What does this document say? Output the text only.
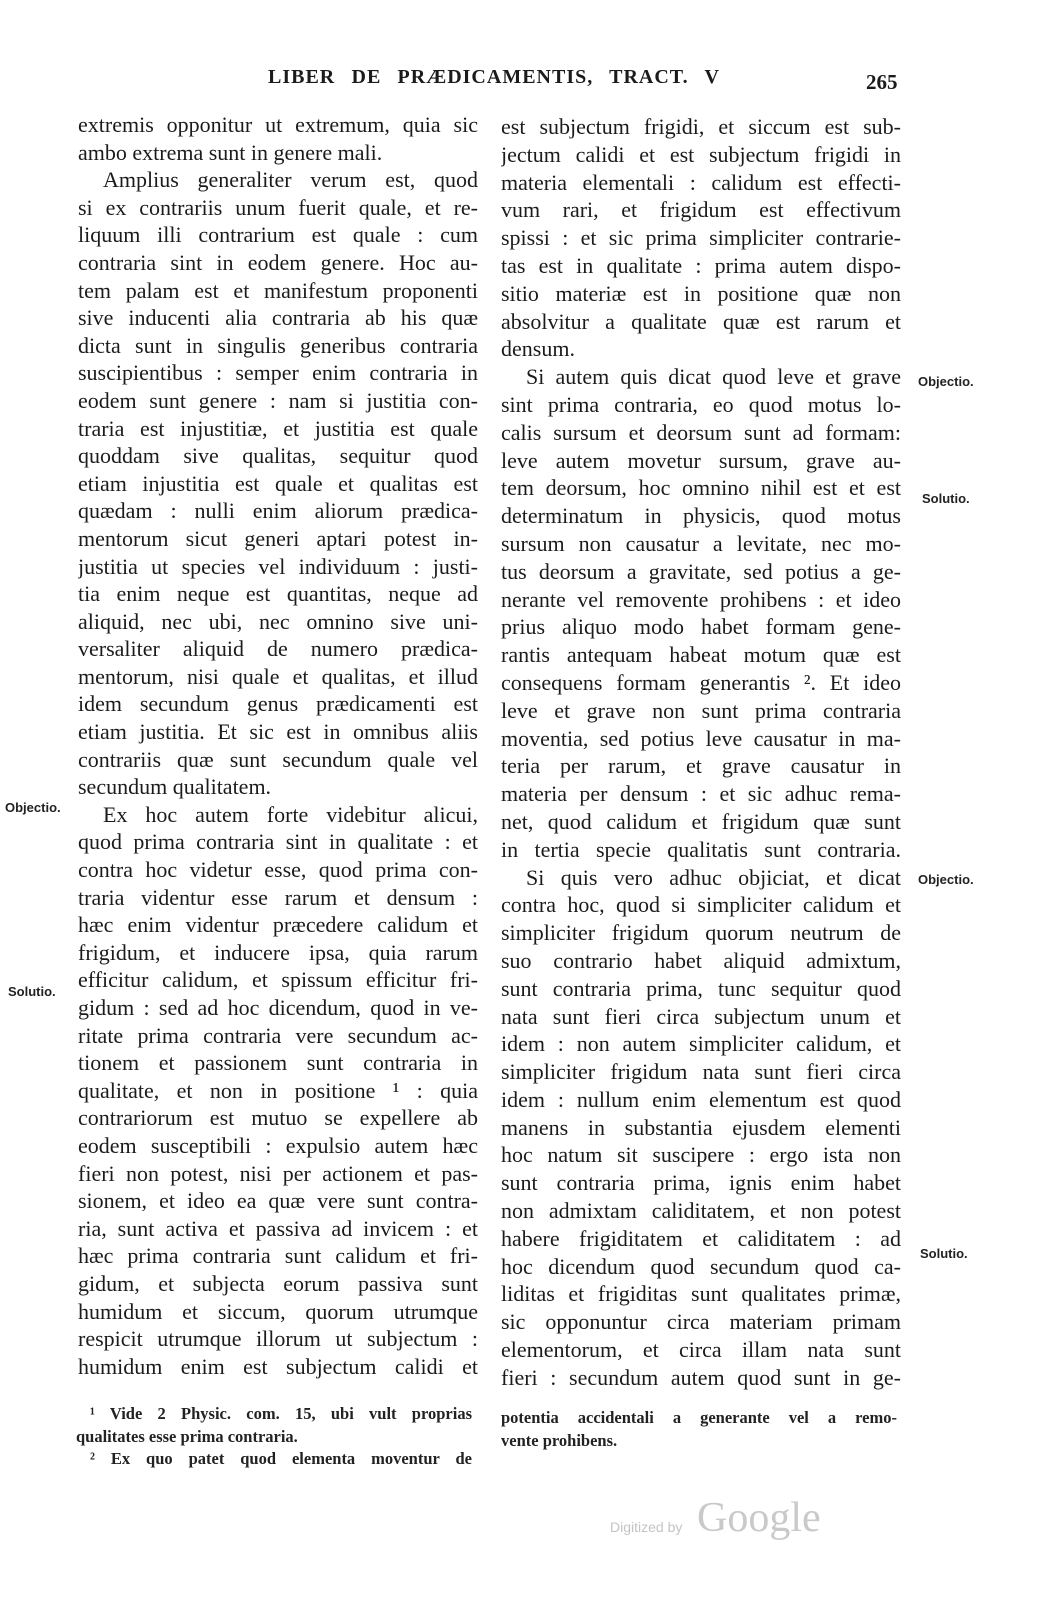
LIBER DE PRÆDICAMENTIS, TRACT. V	265
extremis opponitur ut extremum, quia sic
ambo extrema sunt in genere mali.
Amplius generaliter verum est, quod
si ex contrariis unum fuerit quale, et re-
liquum illi contrarium est quale : cum
contraria sint in eodem genere. Hoc au-
tem palam est et manifestum proponenti
sive inducenti alia contraria ab his quæ
dicta sunt in singulis generibus contraria
suscipientibus : semper enim contraria in
eodem sunt genere : nam si justitia con-
traria est injustitiæ, et justitia est quale
quoddam sive qualitas, sequitur quod
etiam injustitia est quale et qualitas est
quædam : nulli enim aliorum prædica-
mentorum sicut generi aptari potest in-
justitia ut species vel individuum : justi-
tia enim neque est quantitas, neque ad
aliquid, nec ubi, nec omnino sive uni-
versaliter aliquid de numero prædica-
mentorum, nisi quale et qualitas, et illud
idem secundum genus prædicamenti est
etiam justitia. Et sic est in omnibus aliis
contrariis quæ sunt secundum quale vel
secundum qualitatem.
Ex hoc autem forte videbitur alicui,
quod prima contraria sint in qualitate : et
contra hoc videtur esse, quod prima con-
traria videntur esse rarum et densum :
hæc enim videntur præcedere calidum et
frigidum, et inducere ipsa, quia rarum
efficitur calidum, et spissum efficitur fri-
gidum : sed ad hoc dicendum, quod in ve-
ritate prima contraria vere secundum ac-
tionem et passionem sunt contraria in
qualitate, et non in positione ¹ : quia
contrariorum est mutuo se expellere ab
eodem susceptibili : expulsio autem hæc
fieri non potest, nisi per actionem et pas-
sionem, et ideo ea quæ vere sunt contra-
ria, sunt activa et passiva ad invicem : et
hæc prima contraria sunt calidum et fri-
gidum, et subjecta eorum passiva sunt
humidum et siccum, quorum utrumque
respicit utrumque illorum ut subjectum :
humidum enim est subjectum calidi et
est subjectum frigidi, et siccum est sub-
jectum calidi et est subjectum frigidi in
materia elementali : calidum est effecti-
vum rari, et frigidum est effectivum
spissi : et sic prima simpliciter contrarie-
tas est in qualitate : prima autem dispo-
sitio materiæ est in positione quæ non
absolvitur a qualitate quæ est rarum et
densum.
Si autem quis dicat quod leve et grave
sint prima contraria, eo quod motus lo-
calis sursum et deorsum sunt ad formam:
leve autem movetur sursum, grave au-
tem deorsum, hoc omnino nihil est et est
determinatum in physicis, quod motus
sursum non causatur a levitate, nec mo-
tus deorsum a gravitate, sed potius a ge-
nerante vel removente prohibens : et ideo
prius aliquo modo habet formam gene-
rantis antequam habeat motum quæ est
consequens formam generantis ². Et ideo
leve et grave non sunt prima contraria
moventia, sed potius leve causatur in ma-
teria per rarum, et grave causatur in
materia per densum : et sic adhuc rema-
net, quod calidum et frigidum quæ sunt
in tertia specie qualitatis sunt contraria.
Si quis vero adhuc objiciat, et dicat
contra hoc, quod si simpliciter calidum et
simpliciter frigidum quorum neutrum de
suo contrario habet aliquid admixtum,
sunt contraria prima, tunc sequitur quod
nata sunt fieri circa subjectum unum et
idem : non autem simpliciter calidum, et
simpliciter frigidum nata sunt fieri circa
idem : nullum enim elementum est quod
manens in substantia ejusdem elementi
hoc natum sit suscipere : ergo ista non
sunt contraria prima, ignis enim habet
non admixtam caliditatem, et non potest
habere frigiditatem et caliditatem : ad
hoc dicendum quod secundum quod ca-
liditas et frigiditas sunt qualitates primæ,
sic opponuntur circa materiam primam
elementorum, et circa illam nata sunt
fieri : secundum autem quod sunt in ge-
Objectio.
Solutio.
Objectio.
Solutio.
Objectio.
Solutio.
¹ Vide 2 Physic. com. 15, ubi vult proprias
qualitates esse prima contraria.
² Ex quo patet quod elementa moventur de
potentia accidentali a generante vel a remo-
vente prohibens.
Digitized by Google
